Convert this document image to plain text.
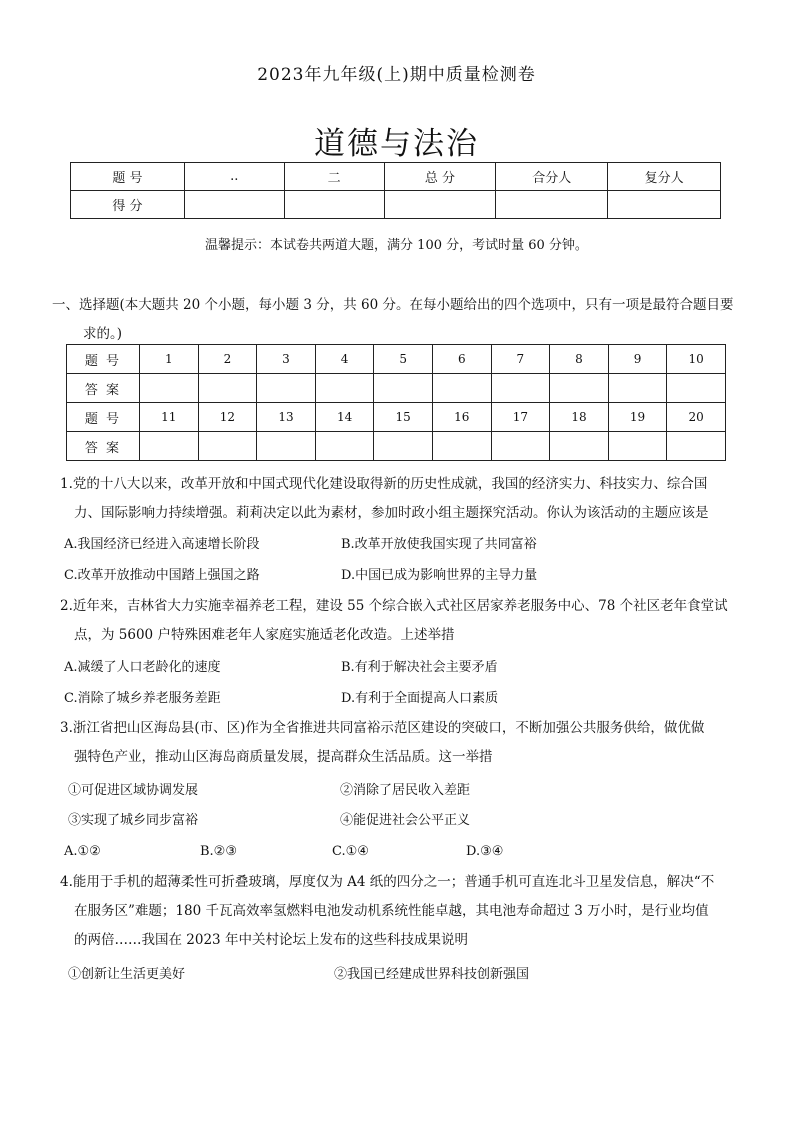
2023年九年级(上)期中质量检测卷
道德与法治
题 号	..	二	总 分	合分人	复分人
得 分					
温馨提示：本试卷共两道大题，满分 100 分，考试时量 60 分钟。
一、选择题(本大题共 20 个小题，每小题 3 分，共 60 分。在每小题给出的四个选项中，只有一项是最符合题目要
求的。)
题 号	1	2	3	4	5	6	7	8	9	10
答 案										
题 号	11	12	13	14	15	16	17	18	19	20
答 案										
1.党的十八大以来，改革开放和中国式现代化建设取得新的历史性成就，我国的经济实力、科技实力、综合国
力、国际影响力持续增强。莉莉决定以此为素材，参加时政小组主题探究活动。你认为该活动的主题应该是
A.我国经济已经进入高速增长阶段	B.改革开放使我国实现了共同富裕
C.改革开放推动中国踏上强国之路	D.中国已成为影响世界的主导力量
2.近年来，吉林省大力实施幸福养老工程，建设 55 个综合嵌入式社区居家养老服务中心、78 个社区老年食堂试
点，为 5600 户特殊困难老年人家庭实施适老化改造。上述举措
A.减缓了人口老龄化的速度	B.有利于解决社会主要矛盾
C.消除了城乡养老服务差距	D.有利于全面提高人口素质
3.浙江省把山区海岛县(市、区)作为全省推进共同富裕示范区建设的突破口，不断加强公共服务供给，做优做
强特色产业，推动山区海岛商质量发展，提高群众生活品质。这一举措
①可促进区域协调发展	②消除了居民收入差距
③实现了城乡同步富裕	④能促进社会公平正义
A.①②	B.②③	C.①④	D.③④
4.能用于手机的超薄柔性可折叠玻璃，厚度仅为 A4 纸的四分之一；普通手机可直连北斗卫星发信息，解决“不
在服务区”难题；180 千瓦高效率氢燃料电池发动机系统性能卓越，其电池寿命超过 3 万小时，是行业均值
的两倍……我国在 2023 年中关村论坛上发布的这些科技成果说明
①创新让生活更美好	②我国已经建成世界科技创新强国
